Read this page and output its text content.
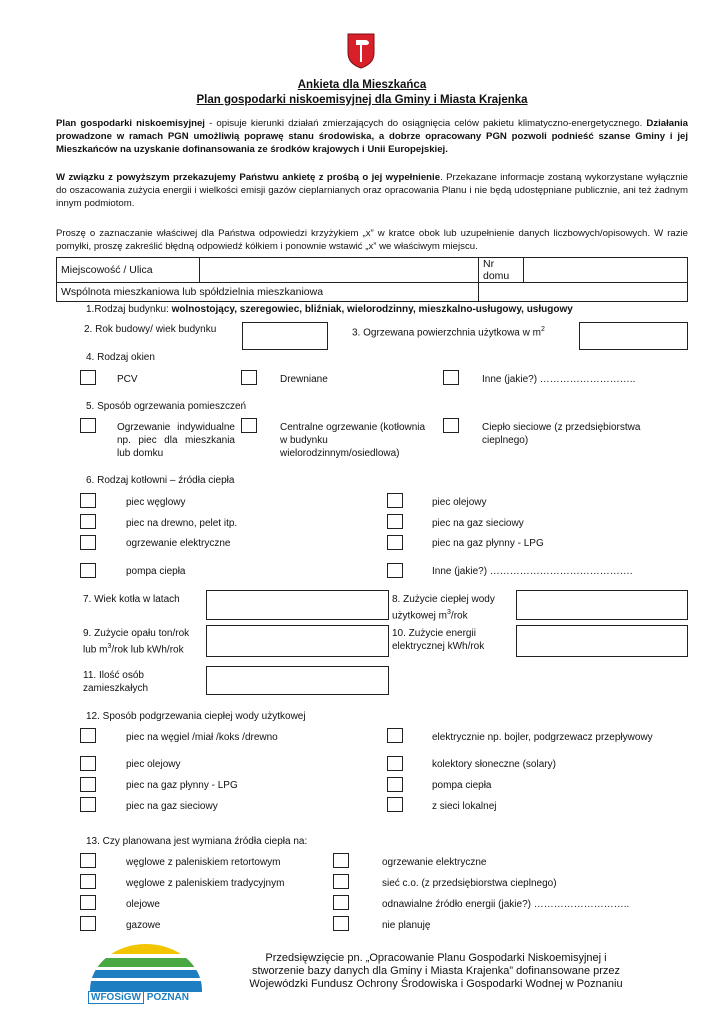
Ankieta dla Mieszkańca
Plan gospodarki niskoemisyjnej dla Gminy i Miasta Krajenka
Plan gospodarki niskoemisyjnej - opisuje kierunki działań zmierzających do osiągnięcia celów pakietu klimatyczno-energetycznego. Działania prowadzone w ramach PGN umożliwią poprawę stanu środowiska, a dobrze opracowany PGN pozwoli podnieść szanse Gminy i jej Mieszkańców na uzyskanie dofinansowania ze środków krajowych i Unii Europejskiej.
W związku z powyższym przekazujemy Państwu ankietę z prośbą o jej wypełnienie. Przekazane informacje zostaną wykorzystane wyłącznie do oszacowania zużycia energii i wielkości emisji gazów cieplarnianych oraz opracowania Planu i nie będą udostępniane publicznie, ani też żadnym innym podmiotom.
Proszę o zaznaczanie właściwej dla Państwa odpowiedzi krzyżykiem „x” w kratce obok lub uzupełnienie danych liczbowych/opisowych. W razie pomyłki, proszę zakreślić błędną odpowiedź kółkiem i ponownie wstawić „x” we właściwym miejscu.
Miejscowość / Ulica		Nr domu	
Wspólnota mieszkaniowa lub spółdzielnia mieszkaniowa			
1.Rodzaj budynku: wolnostojący, szeregowiec, bliźniak, wielorodzinny, mieszkalno-usługowy, usługowy
2. Rok budowy/ wiek budynku	3. Ogrzewana powierzchnia użytkowa w $m^2$
4. Rodzaj okien
PCV	Drewniane	Inne (jakie?) ………………………..
5. Sposób ogrzewania pomieszczeń
Ogrzewanie indywidualne np. piec dla mieszkania lub domku
Centralne ogrzewanie (kotłownia w budynku wielorodzinnym/osiedlowa)
Ciepło sieciowe (z przedsiębiorstwa cieplnego)
6. Rodzaj kotłowni – źródła ciepła
piec węglowy
piec na drewno, pelet itp.
ogrzewanie elektryczne
pompa ciepła
piec olejowy
piec na gaz sieciowy
piec na gaz płynny - LPG
Inne (jakie?) …………………………………….
7. Wiek kotła w latach	8. Zużycie ciepłej wody
użytkowej $m^3$/rok
9. Zużycie opału ton/rok
lub $m^3$/rok lub kWh/rok
10. Zużycie energii
elektrycznej kWh/rok
11. Ilość osób
zamieszkałych
12. Sposób podgrzewania ciepłej wody użytkowej
piec na węgiel /miał /koks /drewno
piec olejowy
piec na gaz płynny - LPG
piec na gaz sieciowy
elektrycznie np. bojler, podgrzewacz przepływowy
kolektory słoneczne (solary)
pompa ciepła
z sieci lokalnej
13. Czy planowana jest wymiana źródła ciepła na:
węglowe z paleniskiem retortowym
węglowe z paleniskiem tradycyjnym
olejowe
gazowe
ogrzewanie elektryczne
sieć c.o. (z przedsiębiorstwa cieplnego)
odnawialne źródło energii (jakie?) ………………………..
nie planuję
WFOŚiGW POZNAŃ
Przedsięwzięcie pn. „Opracowanie Planu Gospodarki Niskoemisyjnej i
stworzenie bazy danych dla Gminy i Miasta Krajenka” dofinansowane przez
Wojewódzki Fundusz Ochrony Środowiska i Gospodarki Wodnej w Poznaniu
